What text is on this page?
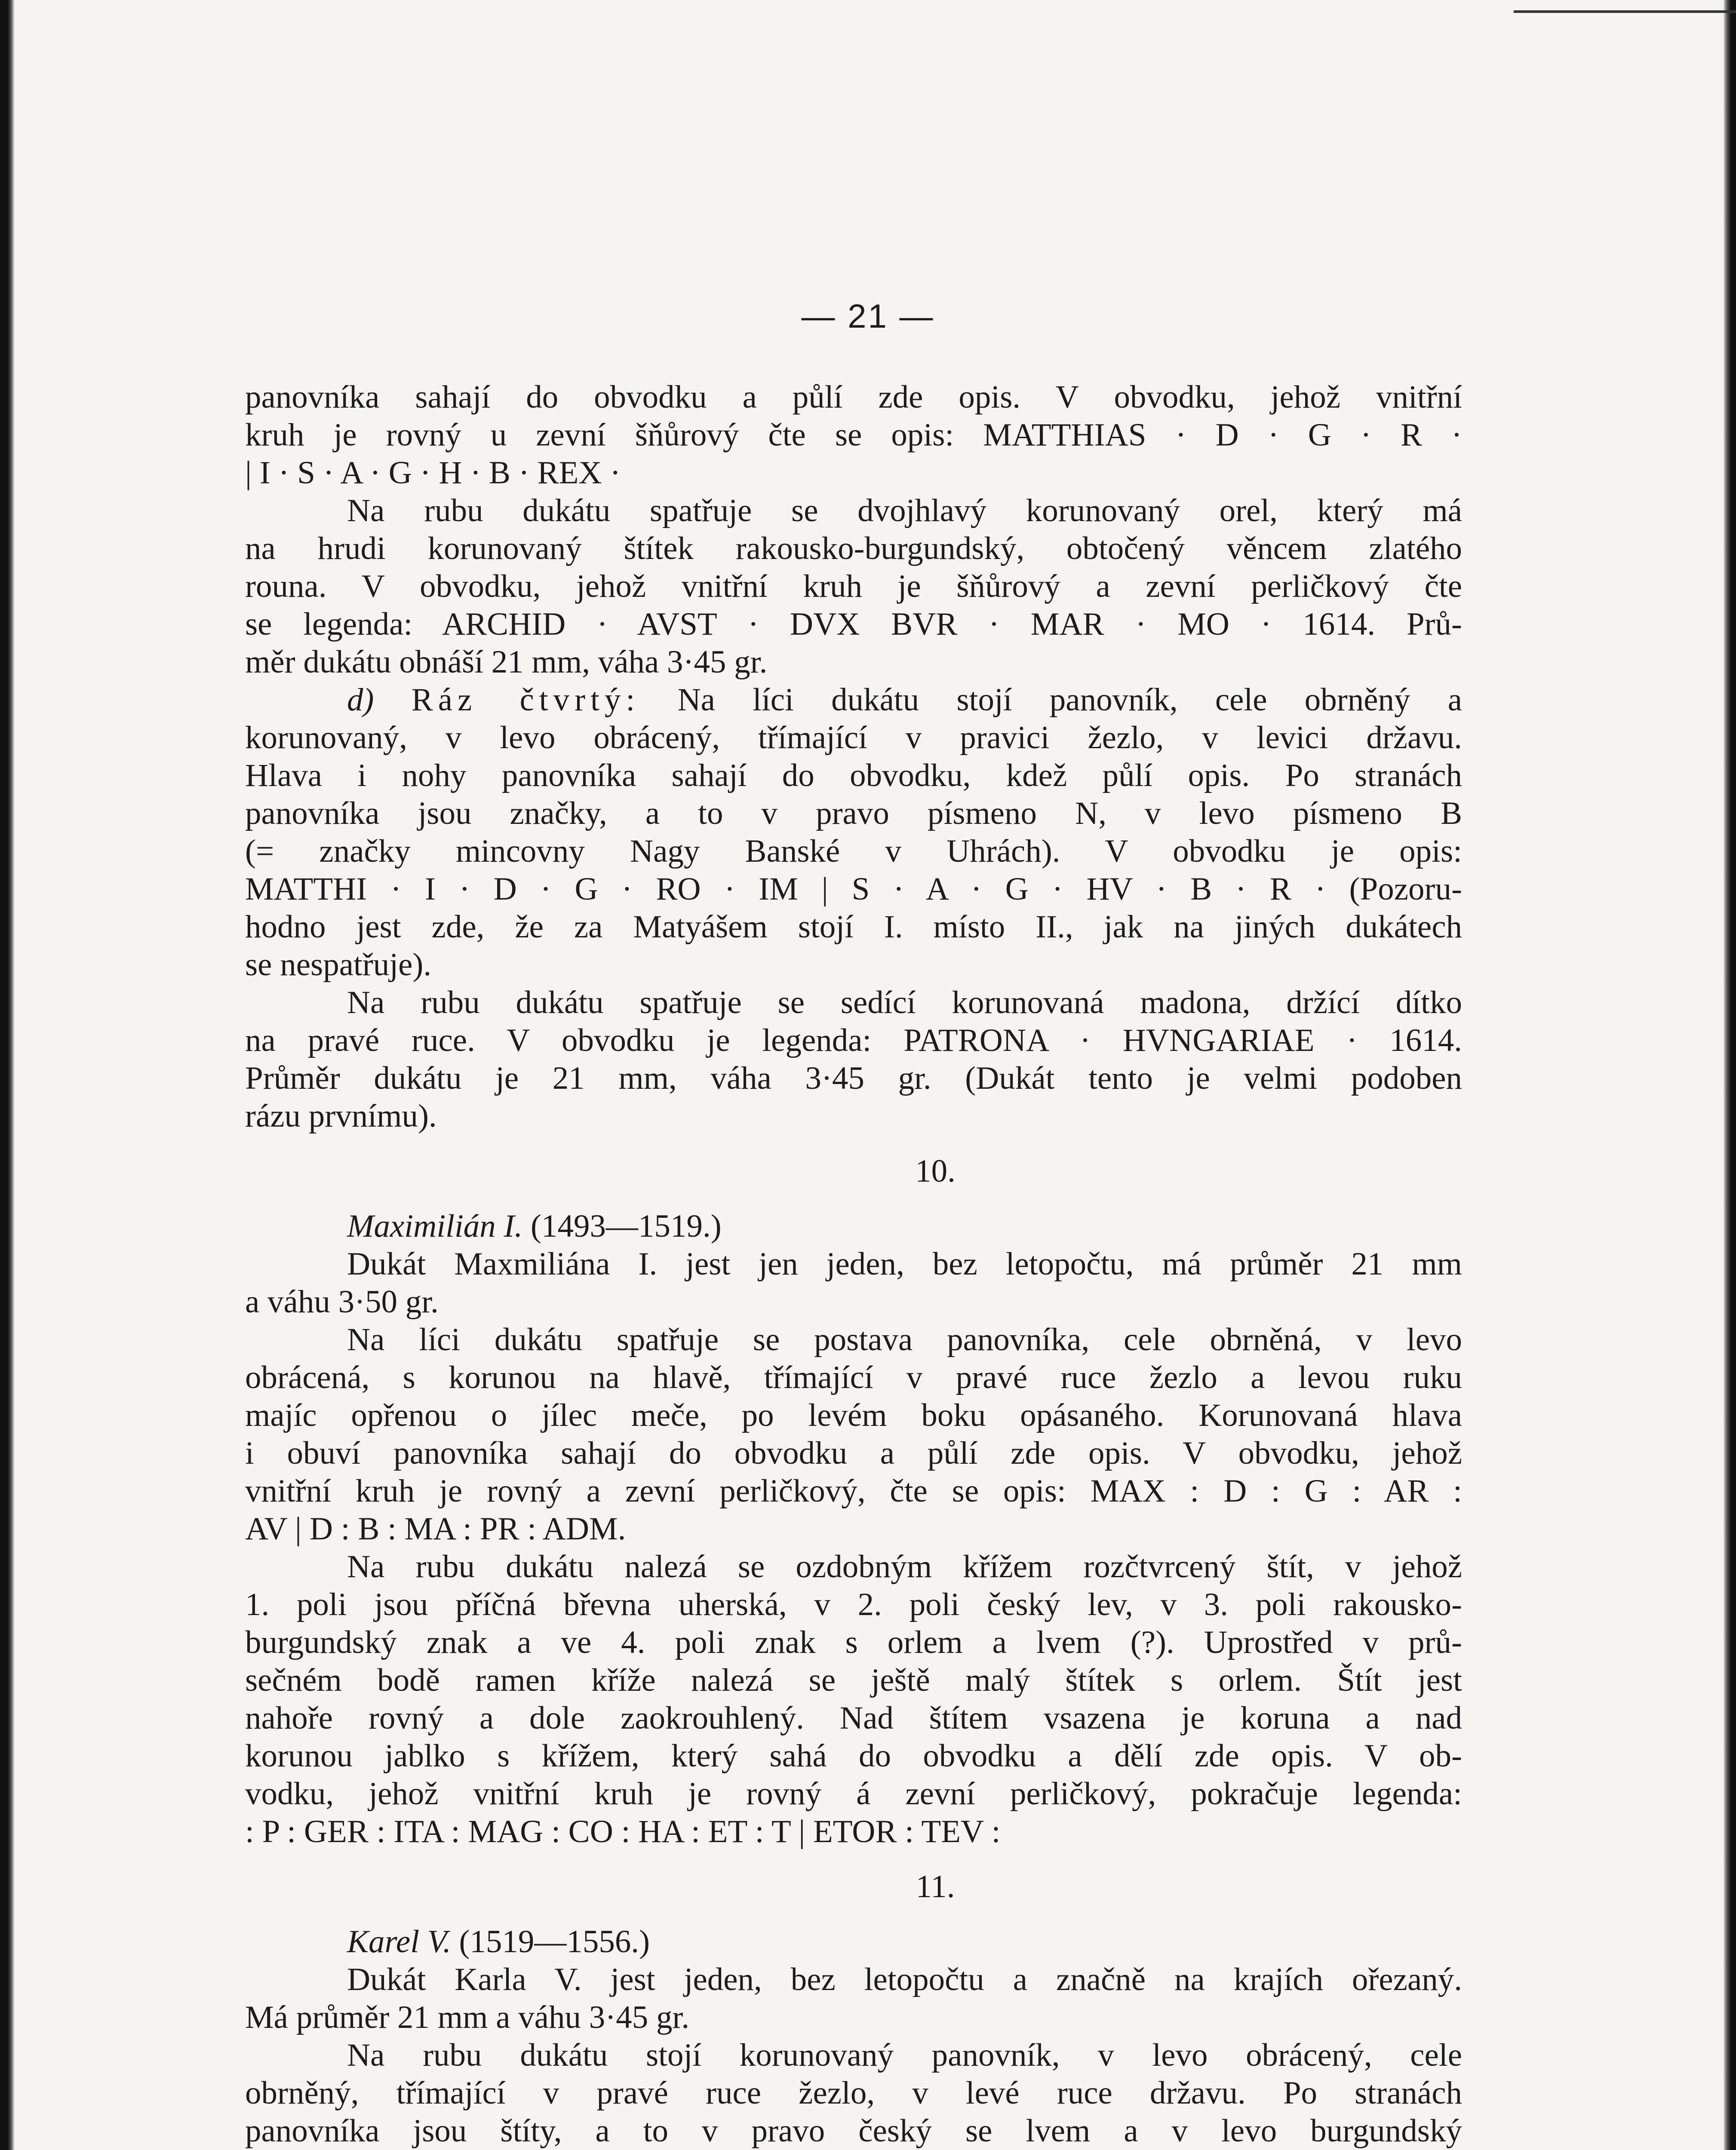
— 21 —
panovníka sahají do obvodku a půlí zde opis. V obvodku, jehož vnitřní
kruh je rovný u zevní šňůrový čte se opis: MATTHIAS · D · G · R ·
| I · S · A · G · H · B · REX ·
Na rubu dukátu spatřuje se dvojhlavý korunovaný orel, který má
na hrudi korunovaný štítek rakousko-burgundský, obtočený věncem zlatého
rouna. V obvodku, jehož vnitřní kruh je šňůrový a zevní perličkový čte
se legenda: ARCHID · AVST · DVX BVR · MAR · MO · 1614. Prů-
měr dukátu obnáší 21 mm, váha 3·45 gr.
d) Ráz čtvrtý: Na líci dukátu stojí panovník, cele obrněný a
korunovaný, v levo obrácený, třímající v pravici žezlo, v levici državu.
Hlava i nohy panovníka sahají do obvodku, kdež půlí opis. Po stranách
panovníka jsou značky, a to v pravo písmeno N, v levo písmeno B
(= značky mincovny Nagy Banské v Uhrách). V obvodku je opis:
MATTHI · I · D · G · RO · IM | S · A · G · HV · B · R · (Pozoru-
hodno jest zde, že za Matyášem stojí I. místo II., jak na jiných dukátech
se nespatřuje).
Na rubu dukátu spatřuje se sedící korunovaná madona, držící dítko
na pravé ruce. V obvodku je legenda: PATRONA · HVNGARIAE · 1614.
Průměr dukátu je 21 mm, váha 3·45 gr. (Dukát tento je velmi podoben
rázu prvnímu).
10.
Maximilián I. (1493—1519.)
Dukát Maxmiliána I. jest jen jeden, bez letopočtu, má průměr 21 mm
a váhu 3·50 gr.
Na líci dukátu spatřuje se postava panovníka, cele obrněná, v levo
obrácená, s korunou na hlavě, třímající v pravé ruce žezlo a levou ruku
majíc opřenou o jílec meče, po levém boku opásaného. Korunovaná hlava
i obuví panovníka sahají do obvodku a půlí zde opis. V obvodku, jehož
vnitřní kruh je rovný a zevní perličkový, čte se opis: MAX : D : G : AR :
AV | D : B : MA : PR : ADM.
Na rubu dukátu nalezá se ozdobným křížem rozčtvrcený štít, v jehož
1. poli jsou příčná břevna uherská, v 2. poli český lev, v 3. poli rakousko-
burgundský znak a ve 4. poli znak s orlem a lvem (?). Uprostřed v prů-
sečném bodě ramen kříže nalezá se ještě malý štítek s orlem. Štít jest
nahoře rovný a dole zaokrouhlený. Nad štítem vsazena je koruna a nad
korunou jablko s křížem, který sahá do obvodku a dělí zde opis. V ob-
vodku, jehož vnitřní kruh je rovný á zevní perličkový, pokračuje legenda:
: P : GER : ITA : MAG : CO : HA : ET : T | ETOR : TEV :
11.
Karel V. (1519—1556.)
Dukát Karla V. jest jeden, bez letopočtu a značně na krajích ořezaný.
Má průměr 21 mm a váhu 3·45 gr.
Na rubu dukátu stojí korunovaný panovník, v levo obrácený, cele
obrněný, třímající v pravé ruce žezlo, v levé ruce državu. Po stranách
panovníka jsou štíty, a to v pravo český se lvem a v levo burgundský
